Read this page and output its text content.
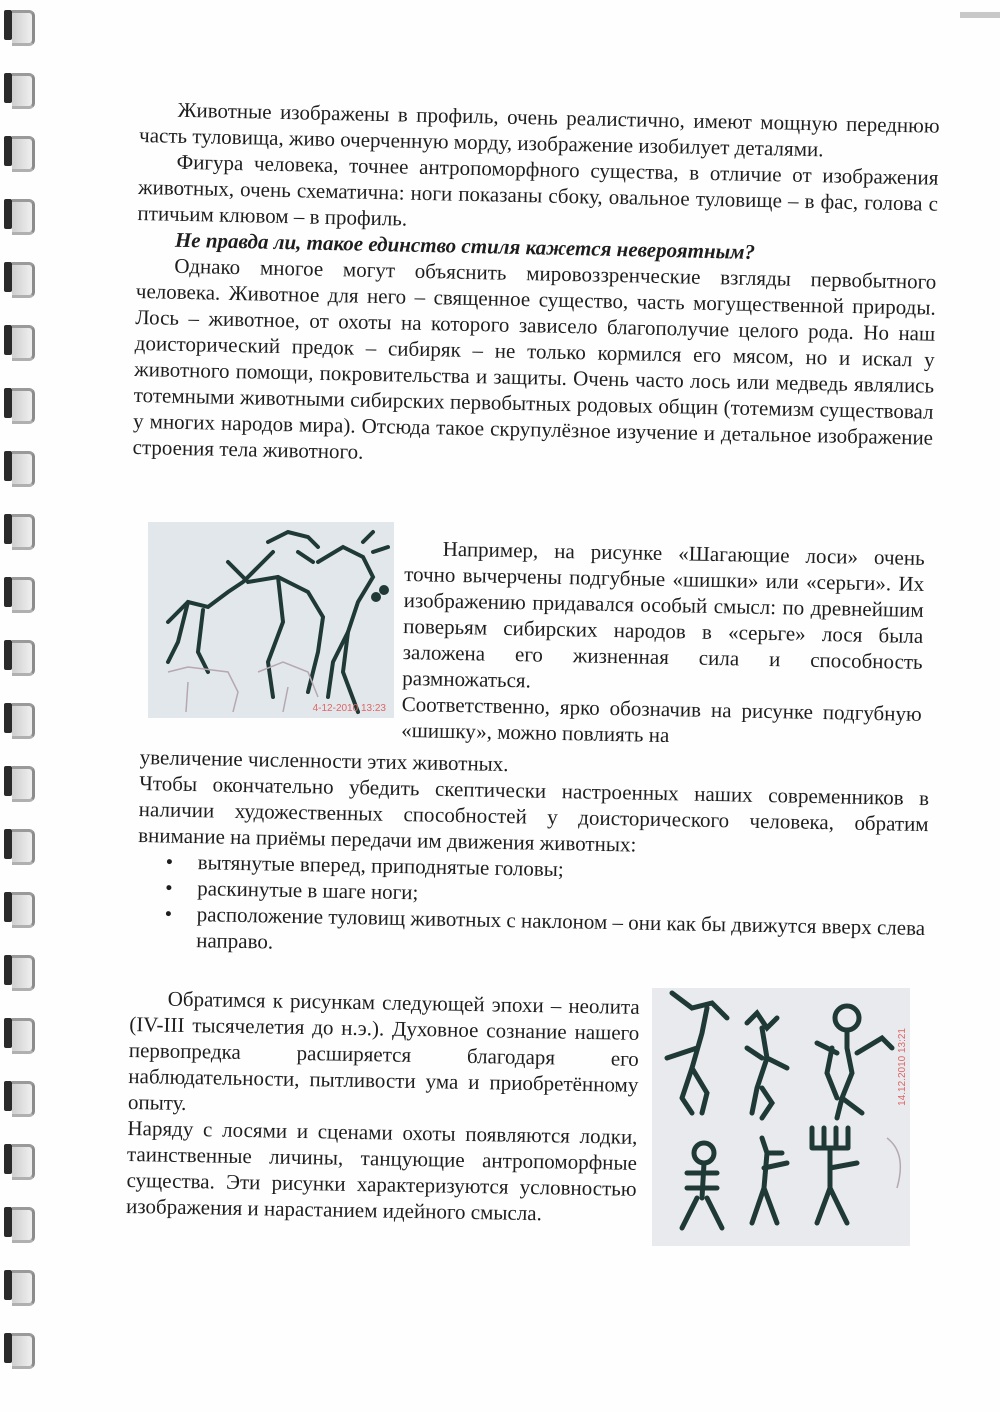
Животные изображены в профиль, очень реалистично, имеют мощную переднюю часть туловища, живо очерченную морду, изображение изобилует деталями.

Фигура человека, точнее антропоморфного существа, в отличие от изображения животных, очень схематична: ноги показаны сбоку, овальное туловище – в фас, голова с птичьим клювом – в профиль.

Не правда ли, такое единство стиля кажется невероятным?

Однако многое могут объяснить мировоззренческие взгляды первобытного человека. Животное для него – священное существо, часть могущественной природы. Лось – животное, от охоты на которого зависело благополучие целого рода. Но наш доисторический предок – сибиряк – не только кормился его мясом, но и искал у животного помощи, покровительства и защиты. Очень часто лось или медведь являлись тотемными животными сибирских первобытных родовых общин (тотемизм существовал у многих народов мира). Отсюда такое скрупулёзное изучение и детальное изображение строения тела животного.

4-12-2010 13:23

Например, на рисунке «Шагающие лоси» очень точно вычерчены подгубные «шишки» или «серьги». Их изображению придавался особый смысл: по древнейшим поверьям сибирских народов в «серьге» лося была заложена его жизненная сила и способность размножаться.

Соответственно, ярко обозначив на рисунке подгубную «шишку», можно повлиять на

увеличение численности этих животных.

Чтобы окончательно убедить скептически настроенных наших современников в наличии художественных способностей у доисторического человека, обратим внимание на приёмы передачи им движения животных:

• вытянутые вперед, приподнятые головы;
• раскинутые в шаге ноги;
• расположение туловищ животных с наклоном – они как бы движутся вверх слева направо.

Обратимся к рисункам следующей эпохи – неолита (IV-III тысячелетия до н.э.). Духовное сознание нашего первопредка расширяется благодаря его наблюдательности, пытливости ума и приобретённому опыту.

Наряду с лосями и сценами охоты появляются лодки, таинственные личины, танцующие антропоморфные существа. Эти рисунки характеризуются условностью изображения и нарастанием идейного смысла.

14.12.2010 13:21
